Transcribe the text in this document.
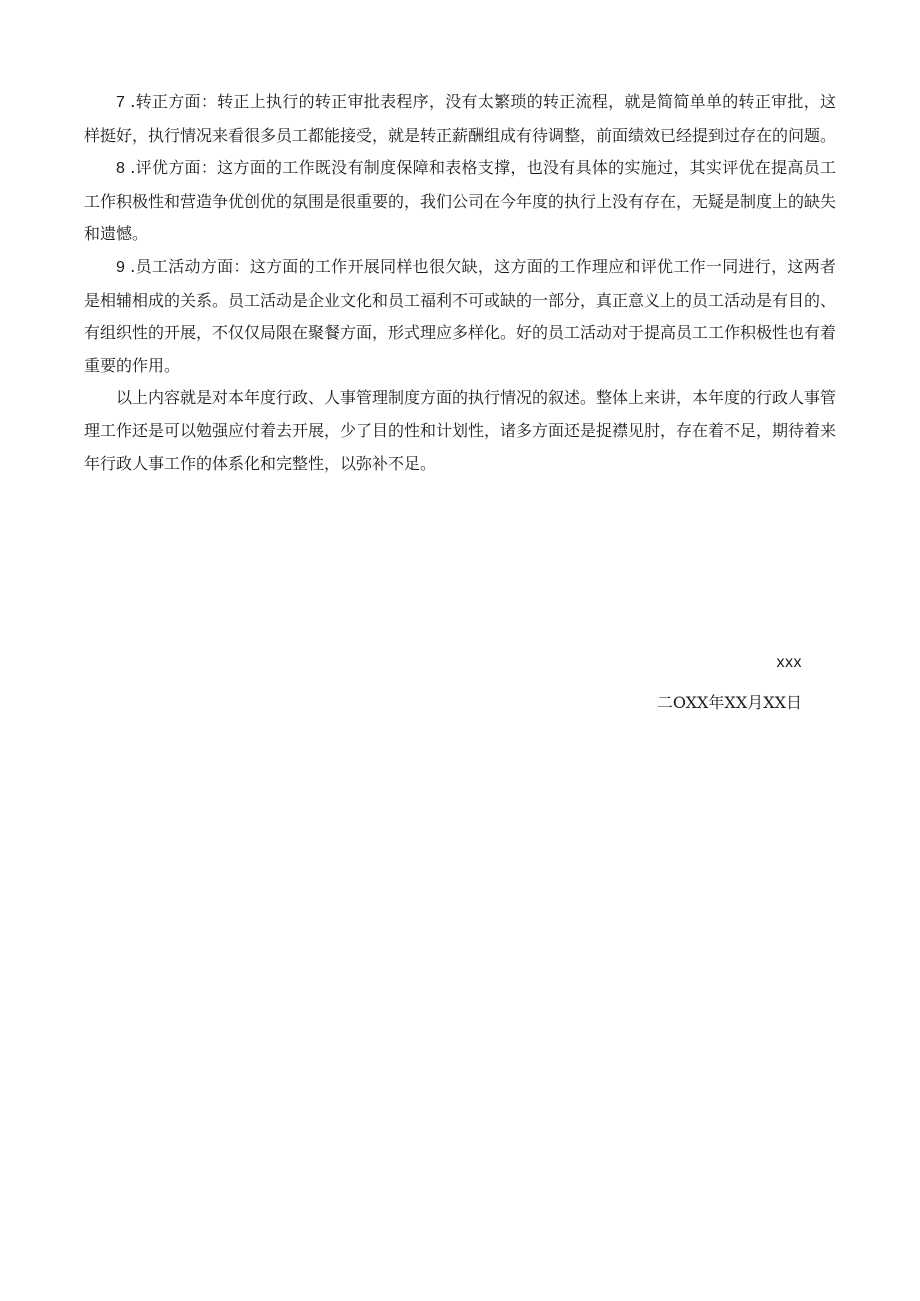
7 .转正方面：转正上执行的转正审批表程序，没有太繁琐的转正流程，就是简简单单的转正审批，这样挺好，执行情况来看很多员工都能接受，就是转正薪酬组成有待调整，前面绩效已经提到过存在的问题。

8 .评优方面：这方面的工作既没有制度保障和表格支撑，也没有具体的实施过，其实评优在提高员工工作积极性和营造争优创优的氛围是很重要的，我们公司在今年度的执行上没有存在，无疑是制度上的缺失和遗憾。

9 .员工活动方面：这方面的工作开展同样也很欠缺，这方面的工作理应和评优工作一同进行，这两者是相辅相成的关系。员工活动是企业文化和员工福利不可或缺的一部分，真正意义上的员工活动是有目的、有组织性的开展，不仅仅局限在聚餐方面，形式理应多样化。好的员工活动对于提高员工工作积极性也有着重要的作用。

以上内容就是对本年度行政、人事管理制度方面的执行情况的叙述。整体上来讲，本年度的行政人事管理工作还是可以勉强应付着去开展，少了目的性和计划性，诸多方面还是捉襟见肘，存在着不足，期待着来年行政人事工作的体系化和完整性，以弥补不足。

xxx
二OXX年XX月XX日
